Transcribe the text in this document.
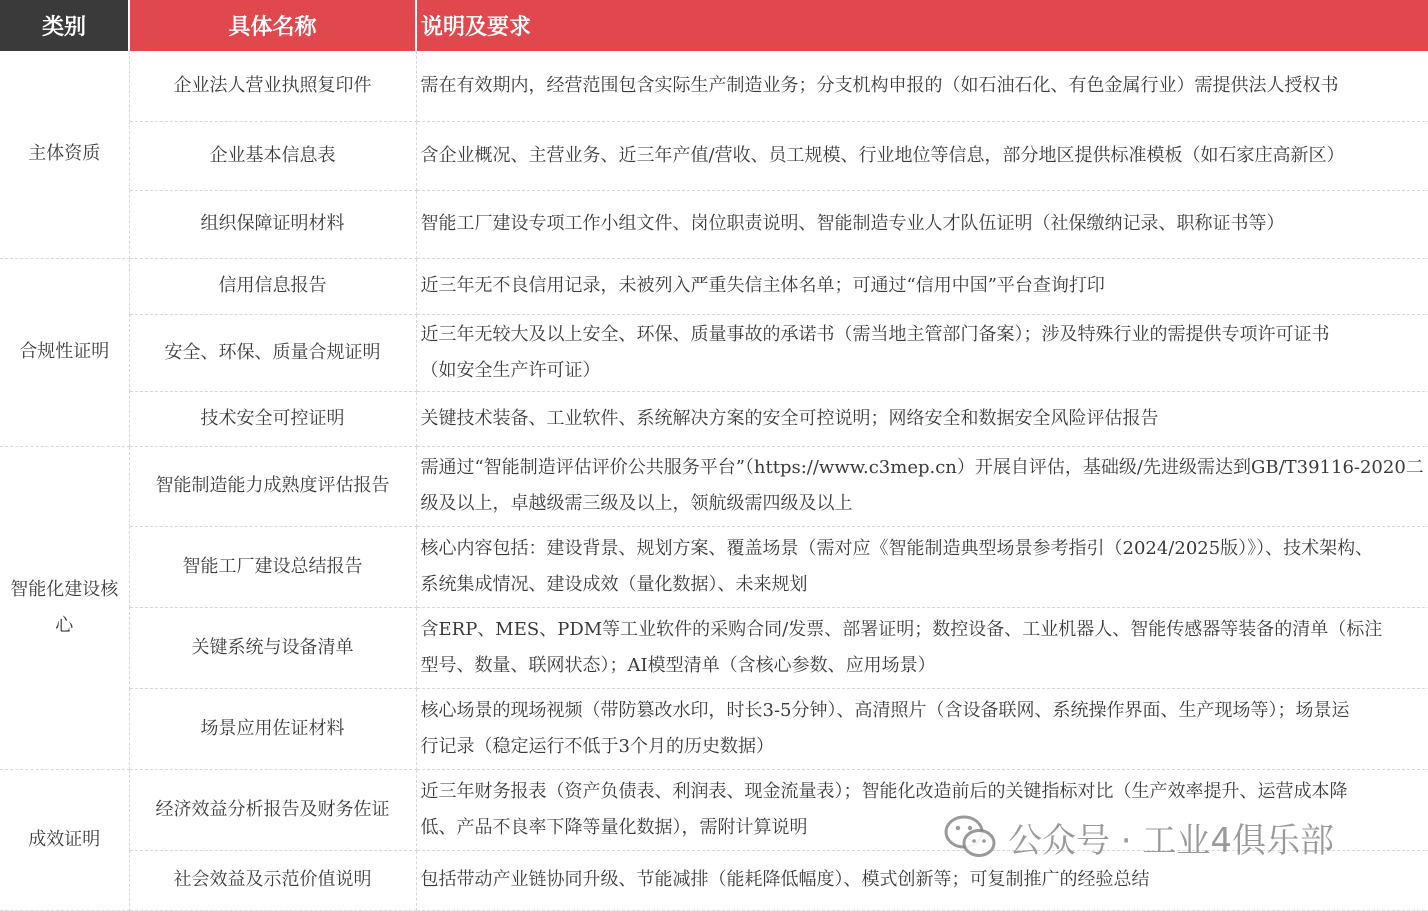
类别	具体名称	说明及要求
主体资质	企业法人营业执照复印件	需在有效期内，经营范围包含实际生产制造业务；分支机构申报的（如石油石化、有色金属行业）需提供法人授权书
	企业基本信息表	含企业概况、主营业务、近三年产值/营收、员工规模、行业地位等信息，部分地区提供标准模板（如石家庄高新区）
	组织保障证明材料	智能工厂建设专项工作小组文件、岗位职责说明、智能制造专业人才队伍证明（社保缴纳记录、职称证书等）
合规性证明	信用信息报告	近三年无不良信用记录，未被列入严重失信主体名单；可通过“信用中国”平台查询打印
	安全、环保、质量合规证明	近三年无较大及以上安全、环保、质量事故的承诺书（需当地主管部门备案）；涉及特殊行业的需提供专项许可证书
（如安全生产许可证）
	技术安全可控证明	关键技术装备、工业软件、系统解决方案的安全可控说明；网络安全和数据安全风险评估报告
智能化建设核心	智能制造能力成熟度评估报告	需通过“智能制造评估评价公共服务平台”（https://www.c3mep.cn）开展自评估，基础级/先进级需达到GB/T39116-2020二
级及以上，卓越级需三级及以上，领航级需四级及以上
	智能工厂建设总结报告	核心内容包括：建设背景、规划方案、覆盖场景（需对应《智能制造典型场景参考指引（2024/2025版）》）、技术架构、
系统集成情况、建设成效（量化数据）、未来规划
	关键系统与设备清单	含ERP、MES、PDM等工业软件的采购合同/发票、部署证明；数控设备、工业机器人、智能传感器等装备的清单（标注
型号、数量、联网状态）；AI模型清单（含核心参数、应用场景）
	场景应用佐证材料	核心场景的现场视频（带防篡改水印，时长3-5分钟）、高清照片（含设备联网、系统操作界面、生产现场等）；场景运
行记录（稳定运行不低于3个月的历史数据）
成效证明	经济效益分析报告及财务佐证	近三年财务报表（资产负债表、利润表、现金流量表）；智能化改造前后的关键指标对比（生产效率提升、运营成本降
低、产品不良率下降等量化数据），需附计算说明
	社会效益及示范价值说明	包括带动产业链协同升级、节能减排（能耗降低幅度）、模式创新等；可复制推广的经验总结
公众号 · 工业4俱乐部
